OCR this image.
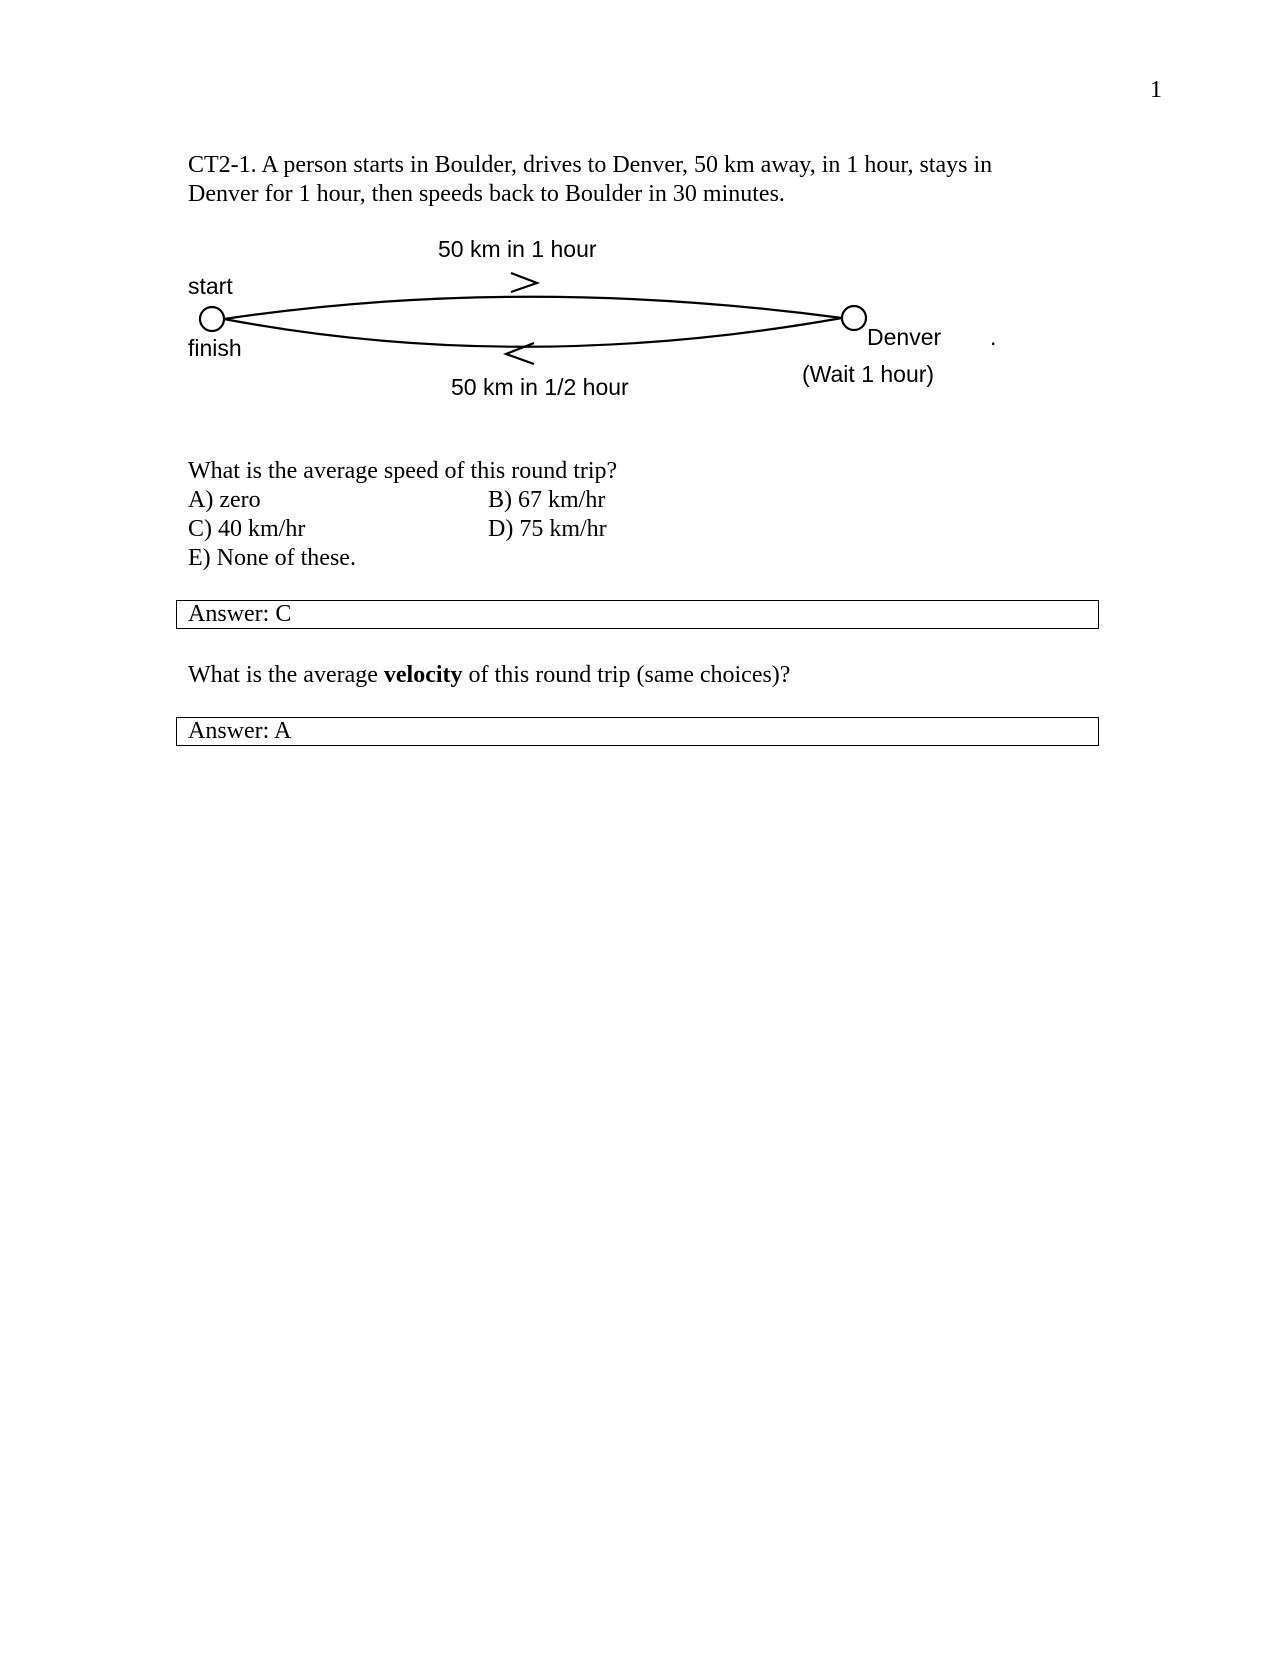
1
CT2-1. A person starts in Boulder, drives to Denver, 50 km away, in 1 hour, stays in
Denver for 1 hour, then speeds back to Boulder in 30 minutes.
50 km in 1 hour
start
finish
50 km in 1/2 hour
Denver
(Wait 1 hour)
.
What is the average speed of this round trip?
A) zero	B) 67 km/hr
C) 40 km/hr	D) 75 km/hr
E) None of these.
Answer: C
What is the average velocity of this round trip (same choices)?
Answer: A
